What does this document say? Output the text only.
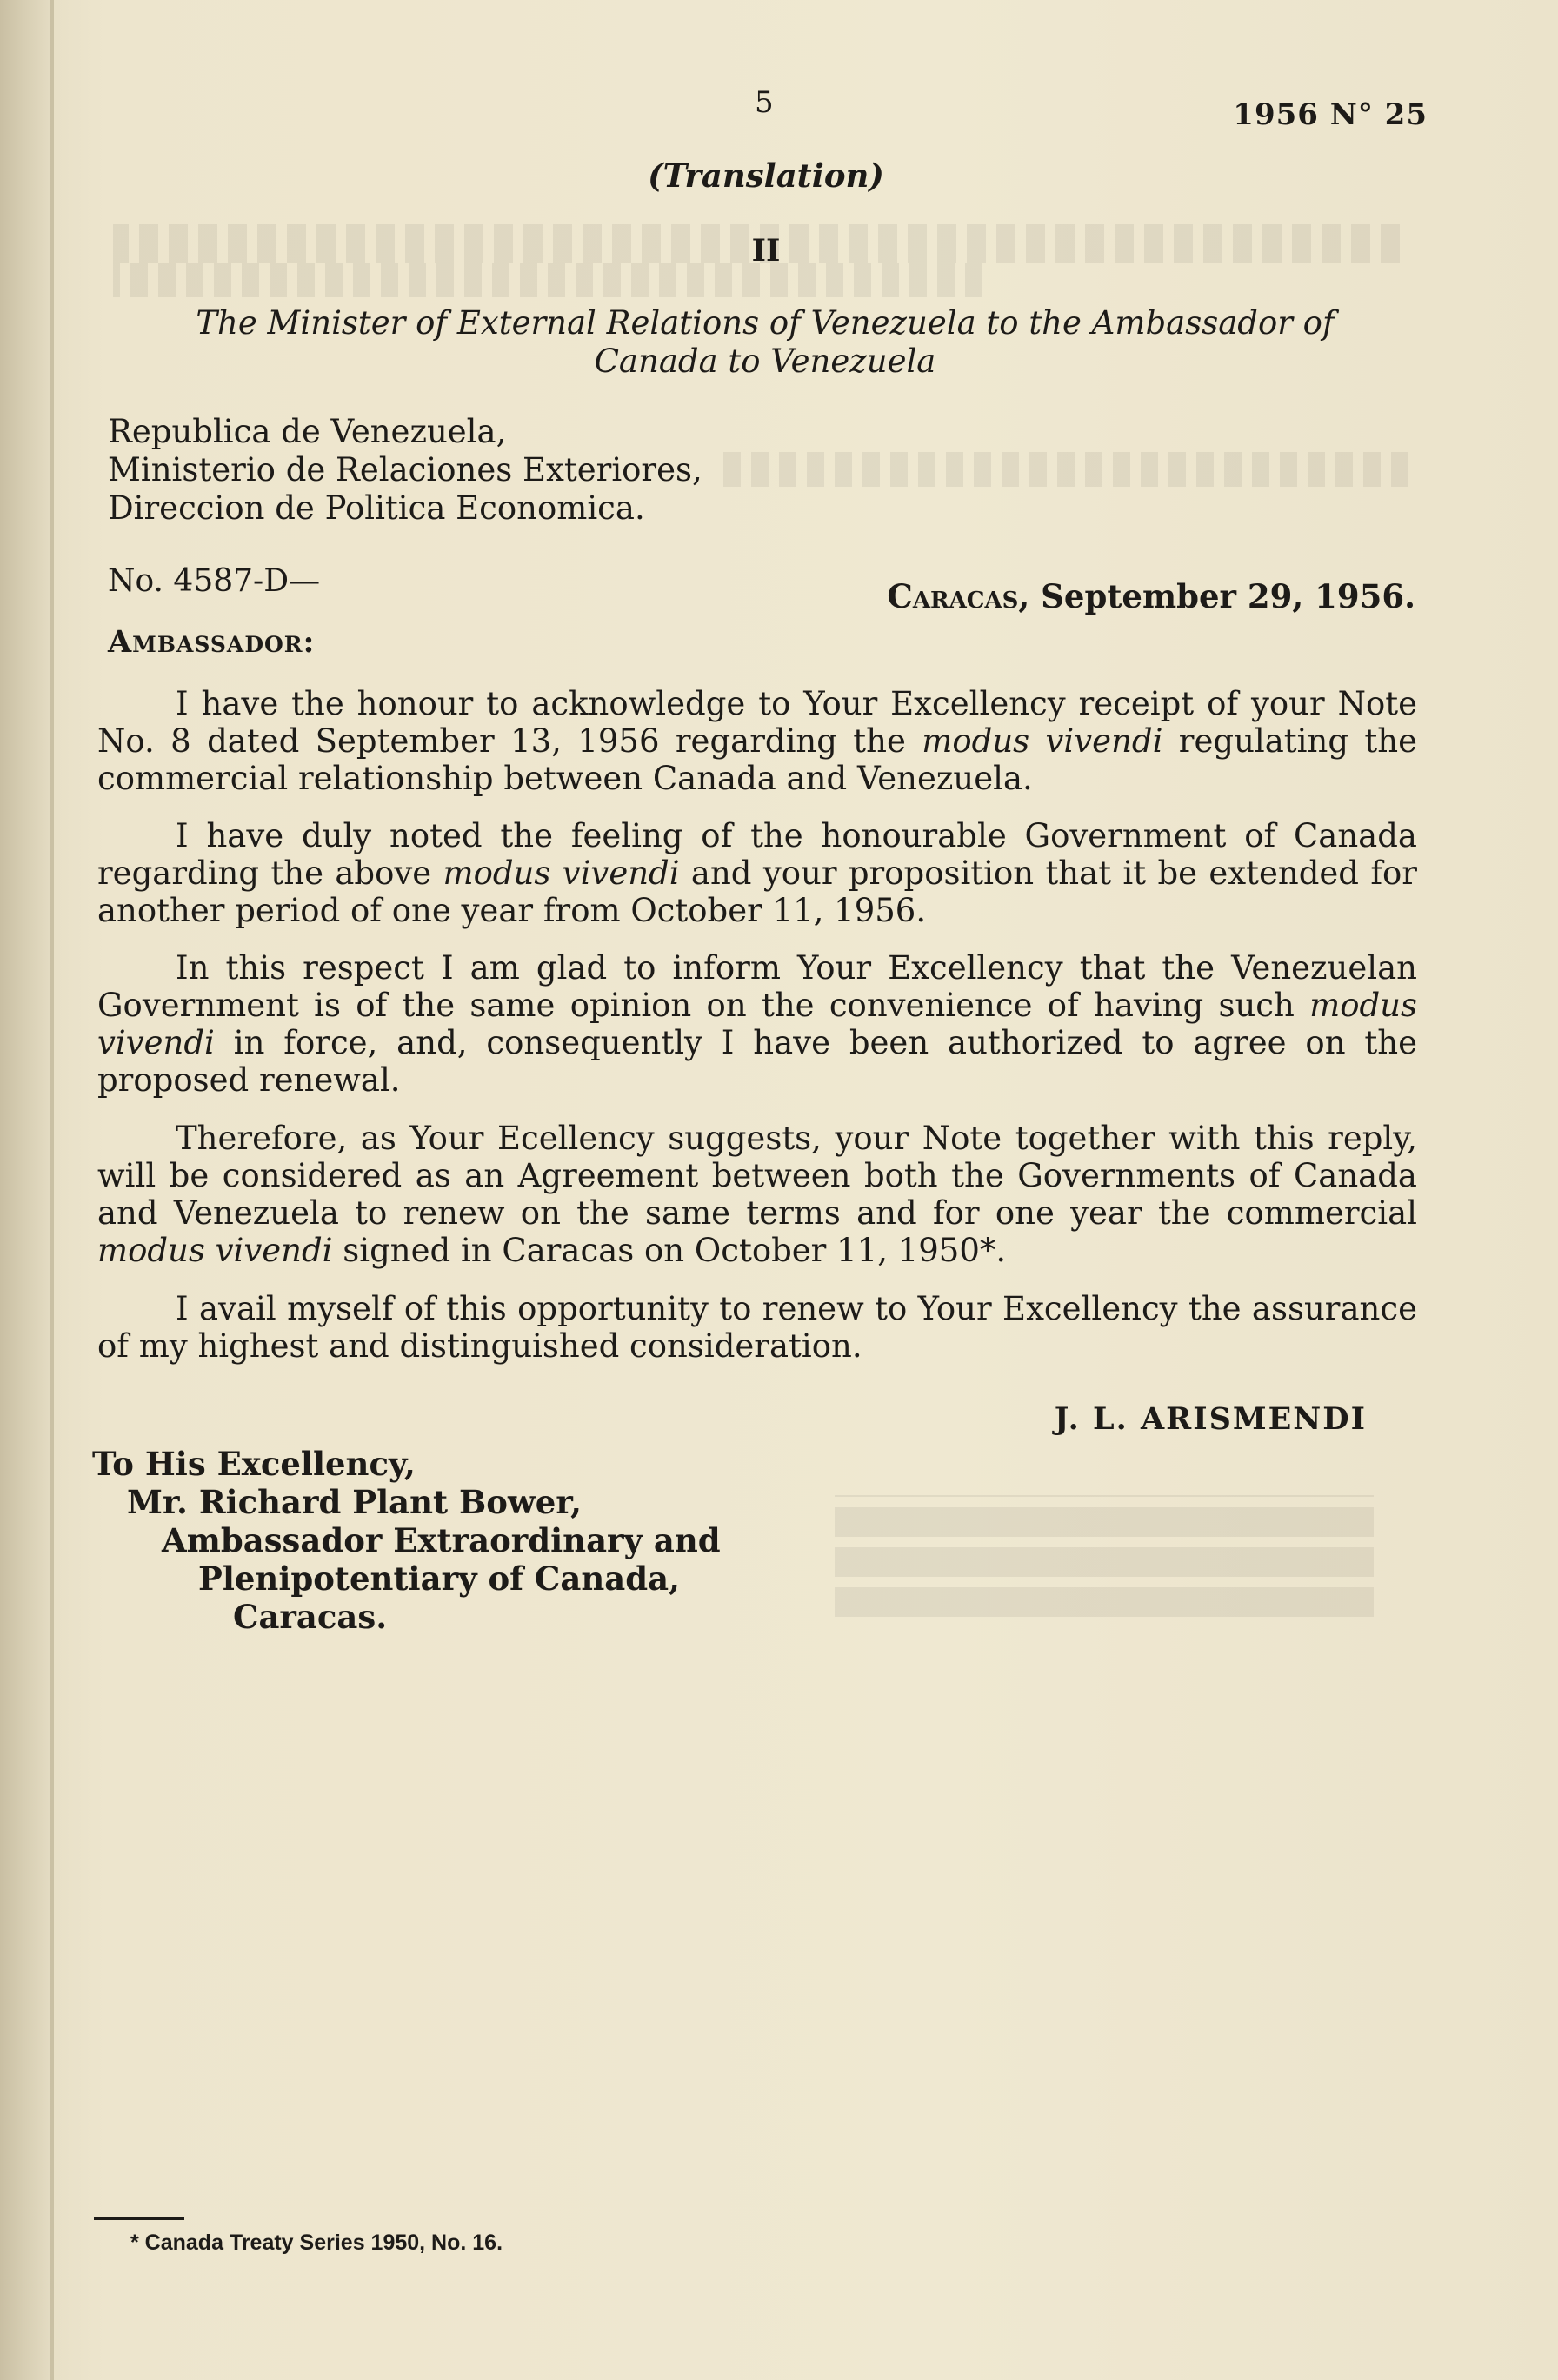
5	1956 N° 25

(Translation)

II

The Minister of External Relations of Venezuela to the Ambassador of
Canada to Venezuela
Republica de Venezuela,
Ministerio de Relaciones Exteriores,
Direccion de Politica Economica.

No. 4587-D—	Caracas, September 29, 1956.

Ambassador:

I have the honour to acknowledge to Your Excellency receipt of your Note No. 8 dated September 13, 1956 regarding the modus vivendi regulating the commercial relationship between Canada and Venezuela.

I have duly noted the feeling of the honourable Government of Canada regarding the above modus vivendi and your proposition that it be extended for another period of one year from October 11, 1956.

In this respect I am glad to inform Your Excellency that the Venezuelan Government is of the same opinion on the convenience of having such modus vivendi in force, and, consequently I have been authorized to agree on the proposed renewal.

Therefore, as Your Ecellency suggests, your Note together with this reply, will be considered as an Agreement between both the Governments of Canada and Venezuela to renew on the same terms and for one year the commercial modus vivendi signed in Caracas on October 11, 1950*.

I avail myself of this opportunity to renew to Your Excellency the assurance of my highest and distinguished consideration.

J. L. ARISMENDI

To His Excellency,
Mr. Richard Plant Bower,
Ambassador Extraordinary and
Plenipotentiary of Canada,
Caracas.

* Canada Treaty Series 1950, No. 16.
